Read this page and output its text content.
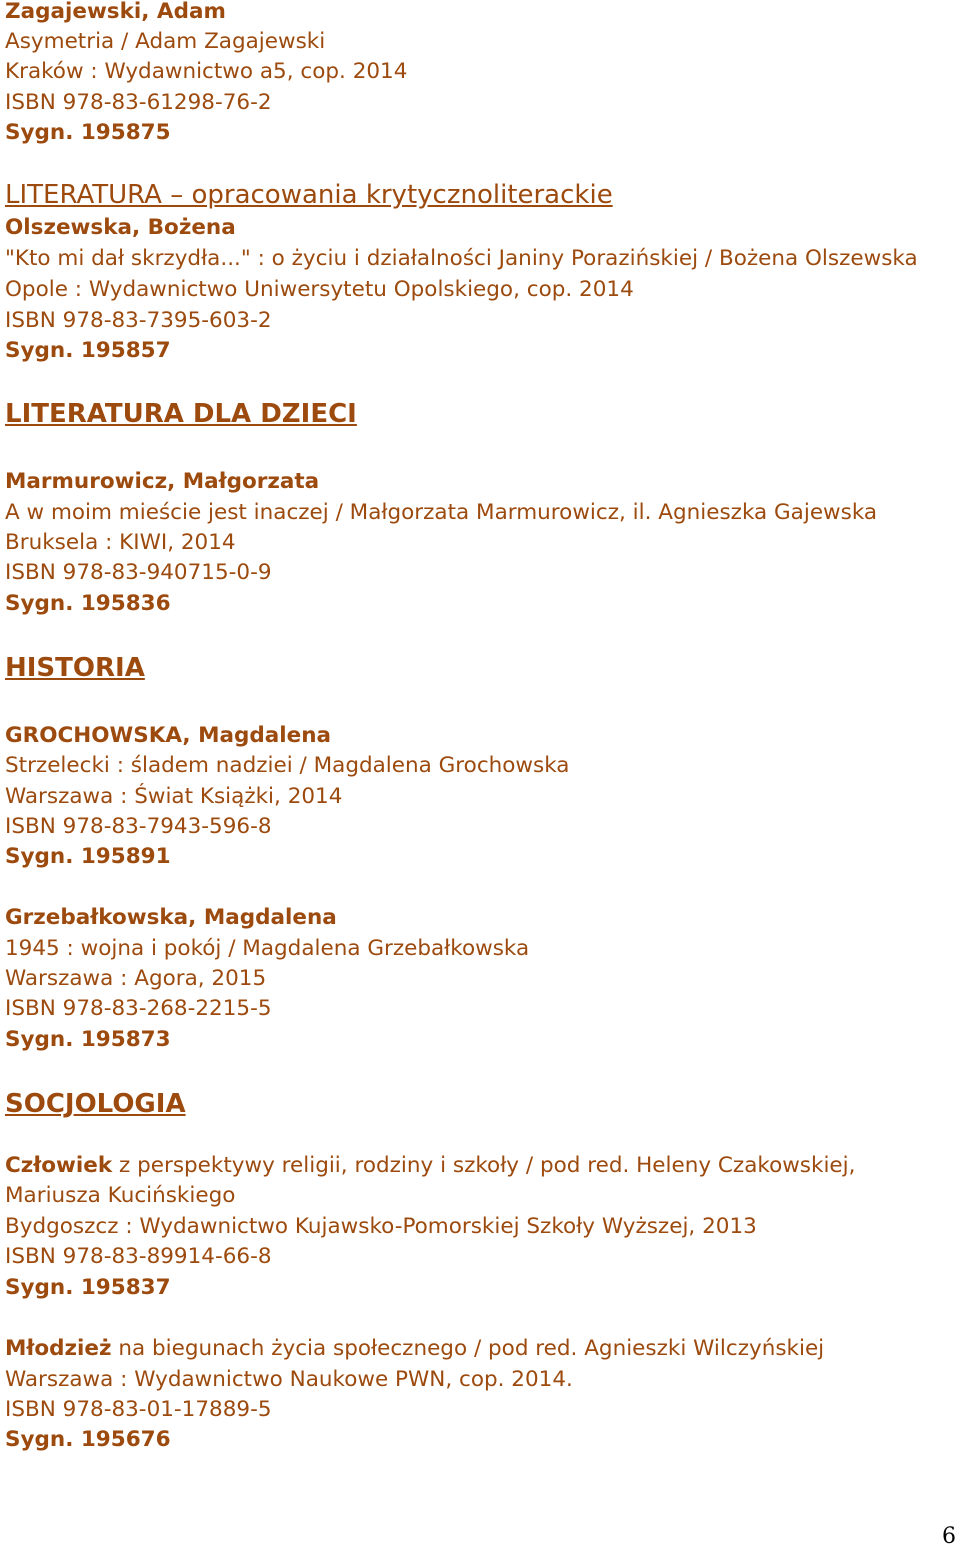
Zagajewski, Adam
Asymetria / Adam Zagajewski
Kraków : Wydawnictwo a5, cop. 2014
ISBN 978-83-61298-76-2
Sygn. 195875
LITERATURA – opracowania krytycznoliterackie
Olszewska, Bożena
"Kto mi dał skrzydła..." : o życiu i działalności Janiny Porazińskiej / Bożena Olszewska
Opole : Wydawnictwo Uniwersytetu Opolskiego, cop. 2014
ISBN 978-83-7395-603-2
Sygn. 195857
LITERATURA DLA DZIECI
Marmurowicz, Małgorzata
A w moim mieście jest inaczej / Małgorzata Marmurowicz, il. Agnieszka Gajewska
Bruksela : KIWI, 2014
ISBN 978-83-940715-0-9
Sygn. 195836
HISTORIA
GROCHOWSKA, Magdalena
Strzelecki : śladem nadziei / Magdalena Grochowska
Warszawa : Świat Książki, 2014
ISBN 978-83-7943-596-8
Sygn. 195891
Grzebałkowska, Magdalena
1945 : wojna i pokój / Magdalena Grzebałkowska
Warszawa : Agora, 2015
ISBN 978-83-268-2215-5
Sygn. 195873
SOCJOLOGIA
Człowiek z perspektywy religii, rodziny i szkoły / pod red. Heleny Czakowskiej,
Mariusza Kucińskiego
Bydgoszcz : Wydawnictwo Kujawsko-Pomorskiej Szkoły Wyższej, 2013
ISBN 978-83-89914-66-8
Sygn. 195837
Młodzież na biegunach życia społecznego / pod red. Agnieszki Wilczyńskiej
Warszawa : Wydawnictwo Naukowe PWN, cop. 2014.
ISBN 978-83-01-17889-5
Sygn. 195676
6
